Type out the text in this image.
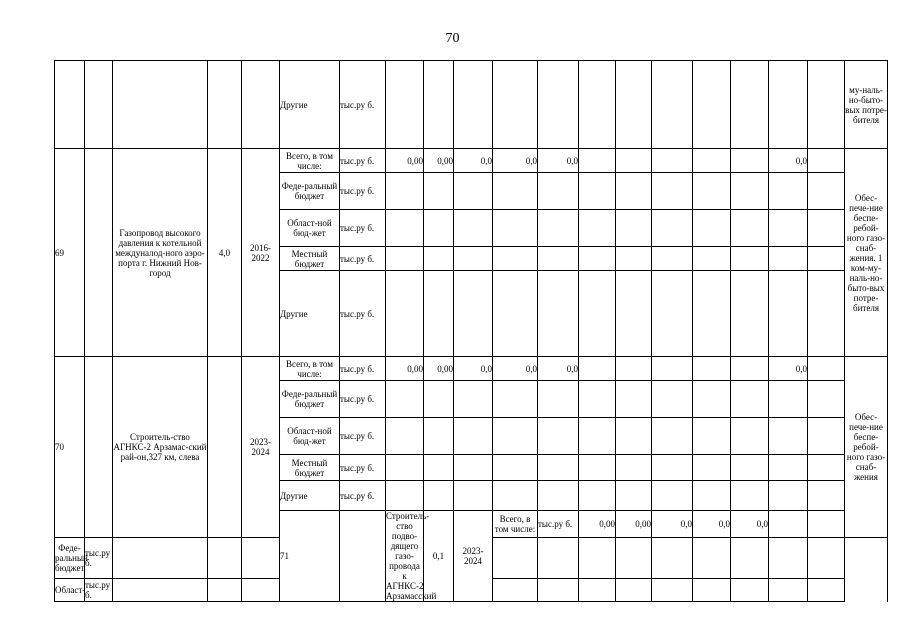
70
					Другие	тыс.ру б.													му-наль-но-быто-вых потре-бителя	
69		Газопровод высокого давления к котельной междуналод-ного аэро-порта г. Нижний Нов-город	4,0	2016-2022	Всего, в том числе:	тыс.ру б.	0,00	0,00	0,0	0,0	0,0						0,0		Обес-пече-ние беспе-ребой-ного газо-снаб-жения. 1 ком-му-наль-но-быто-вых потре-бителя	
					Феде-ральный бюджет	тыс.ру б.														
					Област-ной бюд-жет	тыс.ру б.														
					Местный бюджет	тыс.ру б.														
					Другие	тыс.ру б.														
70		Строитель-ство АГНКС-2 Арзамас-ский рай-он,327 км, слева		2023-2024	Всего, в том числе:	тыс.ру б.	0,00	0,00	0,0	0,0	0,0						0,0		Обес-пече-ние беспе-ребой-ного газо-снаб-жения	
					Феде-ральный бюджет	тыс.ру б.														
					Област-ной бюд-жет	тыс.ру б.														
					Местный бюджет	тыс.ру б.														
					Другие	тыс.ру б.														
					71		Строитель-ство подво-дящего газо-провода к АГНКС-2 Арзамасский	0,1	2023-2024	Всего, в том числе:	тыс.ру б.	0,00	0,00	0,0	0,0	0,0								
Феде-ральный бюджет	тыс.ру б.																			
Област-	тыс.ру б.																			
